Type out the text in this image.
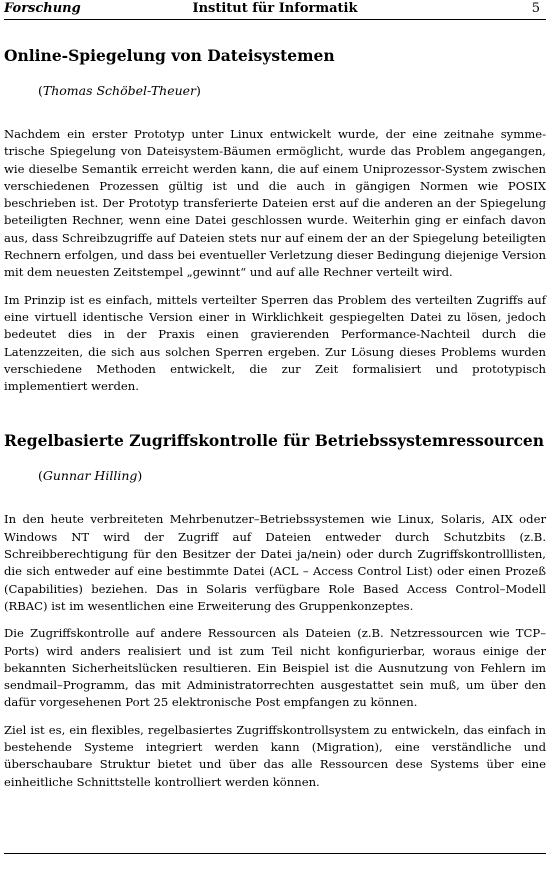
Forschung	Institut für Informatik	5
Online-Spiegelung von Dateisystemen
(Thomas Schöbel-Theuer)

Nachdem ein erster Prototyp unter Linux entwickelt wurde, der eine zeitnahe symmetrische Spiegelung von Dateisystem-Bäumen ermöglicht, wurde das Problem angegangen, wie dieselbe Semantik erreicht werden kann, die auf einem Uniprozessor-System zwischen verschiedenen Prozessen gültig ist und die auch in gängigen Normen wie POSIX beschrieben ist. Der Prototyp transferierte Dateien erst auf die anderen an der Spiegelung beteiligten Rechner, wenn eine Datei geschlossen wurde. Weiterhin ging er einfach davon aus, dass Schreibzugriffe auf Dateien stets nur auf einem der an der Spiegelung beteiligten Rechnern erfolgen, und dass bei eventueller Verletzung dieser Bedingung diejenige Version mit dem neuesten Zeitstempel „gewinnt“ und auf alle Rechner verteilt wird.

Im Prinzip ist es einfach, mittels verteilter Sperren das Problem des verteilten Zugriffs auf eine virtuell identische Version einer in Wirklichkeit gespiegelten Datei zu lösen, jedoch bedeutet dies in der Praxis einen gravierenden Performance-Nachteil durch die Latenzzeiten, die sich aus solchen Sperren ergeben. Zur Lösung dieses Problems wurden verschiedene Methoden entwickelt, die zur Zeit formalisiert und prototypisch implementiert werden.

Regelbasierte Zugriffskontrolle für Betriebssystemressourcen
(Gunnar Hilling)

In den heute verbreiteten Mehrbenutzer–Betriebssystemen wie Linux, Solaris, AIX oder Windows NT wird der Zugriff auf Dateien entweder durch Schutzbits (z.B. Schreibberechtigung für den Besitzer der Datei ja/nein) oder durch Zugriffskontrolllisten, die sich entweder auf eine bestimmte Datei (ACL – Access Control List) oder einen Prozeß (Capabilities) beziehen. Das in Solaris verfügbare Role Based Access Control–Modell (RBAC) ist im wesentlichen eine Erweiterung des Gruppenkonzeptes.

Die Zugriffskontrolle auf andere Ressourcen als Dateien (z.B. Netzressourcen wie TCP–Ports) wird anders realisiert und ist zum Teil nicht konfigurierbar, woraus einige der bekannten Sicherheitslücken resultieren. Ein Beispiel ist die Ausnutzung von Fehlern im sendmail–Programm, das mit Administratorrechten ausgestattet sein muß, um über den dafür vorgesehenen Port 25 elektronische Post empfangen zu können.

Ziel ist es, ein flexibles, regelbasiertes Zugriffskontrollsystem zu entwickeln, das einfach in bestehende Systeme integriert werden kann (Migration), eine verständliche und überschaubare Struktur bietet und über das alle Ressourcen dese Systems über eine einheitliche Schnittstelle kontrolliert werden können.
